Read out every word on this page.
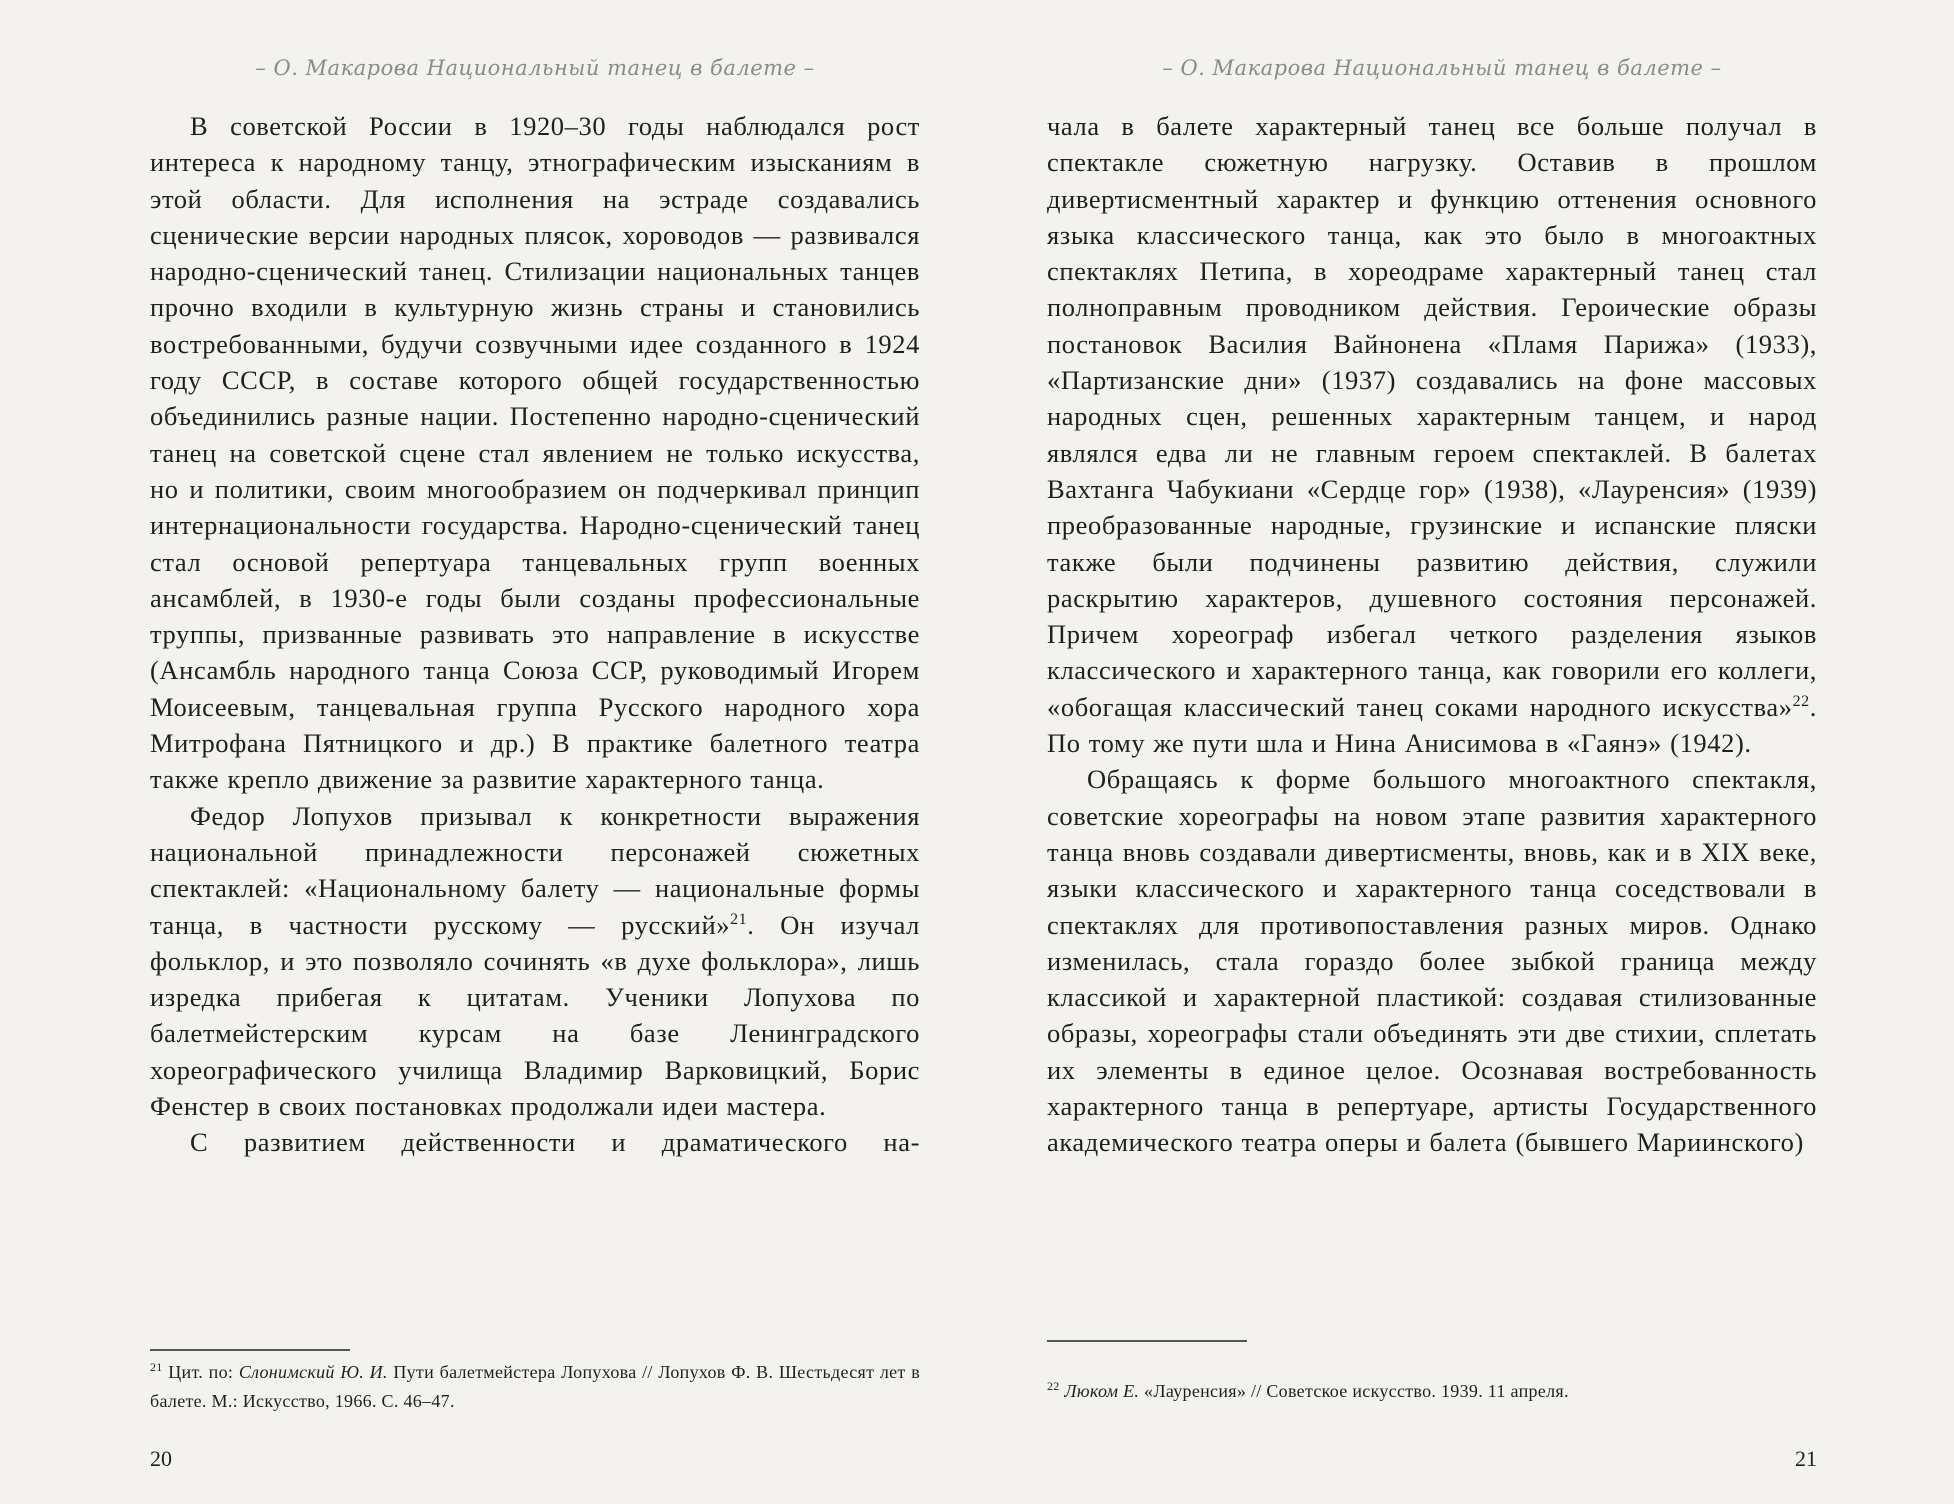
– О. Макарова Национальный танец в балете –

В советской России в 1920–30 годы наблюдался рост интереса к народному танцу, этнографическим изысканиям в этой области. Для исполнения на эстраде создавались сценические версии народных плясок, хороводов — развивался народно-сценический танец. Стилизации национальных танцев прочно входили в культурную жизнь страны и становились востребованными, будучи созвучными идее созданного в 1924 году СССР, в составе которого общей государственностью объединились разные нации. Постепенно народно-сценический танец на советской сцене стал явлением не только искусства, но и политики, своим многообразием он подчеркивал принцип интернациональности государства. Народно-сценический танец стал основой репертуара танцевальных групп военных ансамблей, в 1930-е годы были созданы профессиональные труппы, призванные развивать это направление в искусстве (Ансамбль народного танца Союза ССР, руководимый Игорем Моисеевым, танцевальная группа Русского народного хора Митрофана Пятницкого и др.) В практике балетного театра также крепло движение за развитие характерного танца.

Федор Лопухов призывал к конкретности выражения национальной принадлежности персонажей сюжетных спектаклей: «Национальному балету — национальные формы танца, в частности русскому — русский»$^{21}$. Он изучал фольклор, и это позволяло сочинять «в духе фольклора», лишь изредка прибегая к цитатам. Ученики Лопухова по балетмейстерским курсам на базе Ленинградского хореографического училища Владимир Варковицкий, Борис Фенстер в своих постановках продолжали идеи мастера.

C развитием действенности и драматического на-

$^{21}$ Цит. по: Слонимский Ю. И. Пути балетмейстера Лопухова // Лопухов Ф. В. Шестьдесят лет в балете. М.: Искусство, 1966. С. 46–47.
20
– О. Макарова Национальный танец в балете –

чала в балете характерный танец все больше получал в спектакле сюжетную нагрузку. Оставив в прошлом дивертисментный характер и функцию оттенения основного языка классического танца, как это было в многоактных спектаклях Петипа, в хореодраме характерный танец стал полноправным проводником действия. Героические образы постановок Василия Вайнонена «Пламя Парижа» (1933), «Партизанские дни» (1937) создавались на фоне массовых народных сцен, решенных характерным танцем, и народ являлся едва ли не главным героем спектаклей. В балетах Вахтанга Чабукиани «Сердце гор» (1938), «Лауренсия» (1939) преобразованные народные, грузинские и испанские пляски также были подчинены развитию действия, служили раскрытию характеров, душевного состояния персонажей. Причем хореограф избегал четкого разделения языков классического и характерного танца, как говорили его коллеги, «обогащая классический танец соками народного искусства»$^{22}$. По тому же пути шла и Нина Анисимова в «Гаянэ» (1942).

Обращаясь к форме большого многоактного спектакля, советские хореографы на новом этапе развития характерного танца вновь создавали дивертисменты, вновь, как и в XIX веке, языки классического и характерного танца соседствовали в спектаклях для противопоставления разных миров. Однако изменилась, стала гораздо более зыбкой граница между классикой и характерной пластикой: создавая стилизованные образы, хореографы стали объединять эти две стихии, сплетать их элементы в единое целое. Осознавая востребованность характерного танца в репертуаре, артисты Государственного академического театра оперы и балета (бывшего Мариинского)

$^{22}$ Люком Е. «Лауренсия» // Советское искусство. 1939. 11 апреля.
21
